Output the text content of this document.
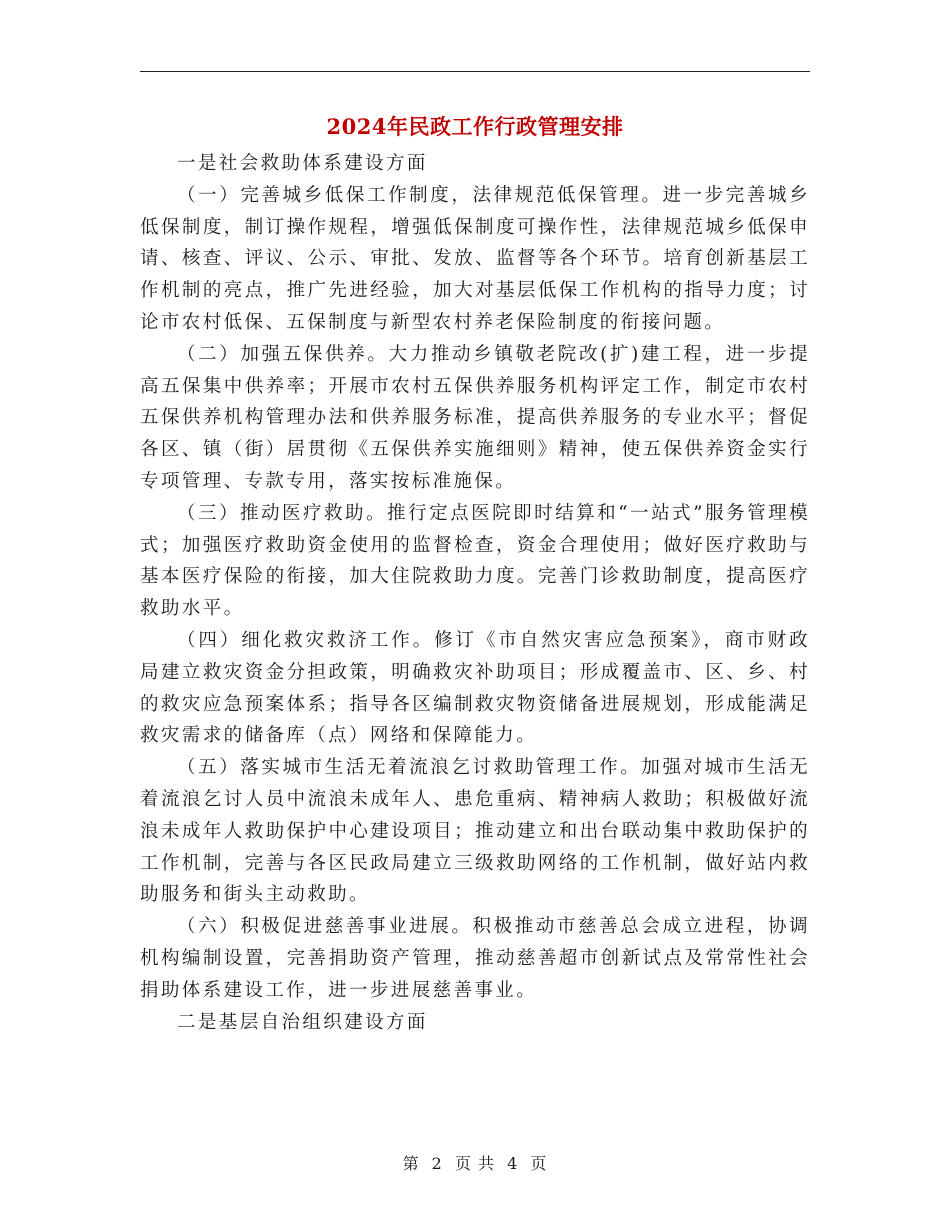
2024年民政工作行政管理安排

一是社会救助体系建设方面

（一）完善城乡低保工作制度，法律规范低保管理。进一步完善城乡低保制度，制订操作规程，增强低保制度可操作性，法律规范城乡低保申请、核查、评议、公示、审批、发放、监督等各个环节。培育创新基层工作机制的亮点，推广先进经验，加大对基层低保工作机构的指导力度；讨论市农村低保、五保制度与新型农村养老保险制度的衔接问题。

（二）加强五保供养。大力推动乡镇敬老院改(扩)建工程，进一步提高五保集中供养率；开展市农村五保供养服务机构评定工作，制定市农村五保供养机构管理办法和供养服务标准，提高供养服务的专业水平；督促各区、镇（街）居贯彻《五保供养实施细则》精神，使五保供养资金实行专项管理、专款专用，落实按标准施保。

（三）推动医疗救助。推行定点医院即时结算和“一站式”服务管理模式；加强医疗救助资金使用的监督检查，资金合理使用；做好医疗救助与基本医疗保险的衔接，加大住院救助力度。完善门诊救助制度，提高医疗救助水平。

（四）细化救灾救济工作。修订《市自然灾害应急预案》，商市财政局建立救灾资金分担政策，明确救灾补助项目；形成覆盖市、区、乡、村的救灾应急预案体系；指导各区编制救灾物资储备进展规划，形成能满足救灾需求的储备库（点）网络和保障能力。

（五）落实城市生活无着流浪乞讨救助管理工作。加强对城市生活无着流浪乞讨人员中流浪未成年人、患危重病、精神病人救助；积极做好流浪未成年人救助保护中心建设项目；推动建立和出台联动集中救助保护的工作机制，完善与各区民政局建立三级救助网络的工作机制，做好站内救助服务和街头主动救助。

（六）积极促进慈善事业进展。积极推动市慈善总会成立进程，协调机构编制设置，完善捐助资产管理，推动慈善超市创新试点及常常性社会捐助体系建设工作，进一步进展慈善事业。

二是基层自治组织建设方面

第 2 页 共 4 页
